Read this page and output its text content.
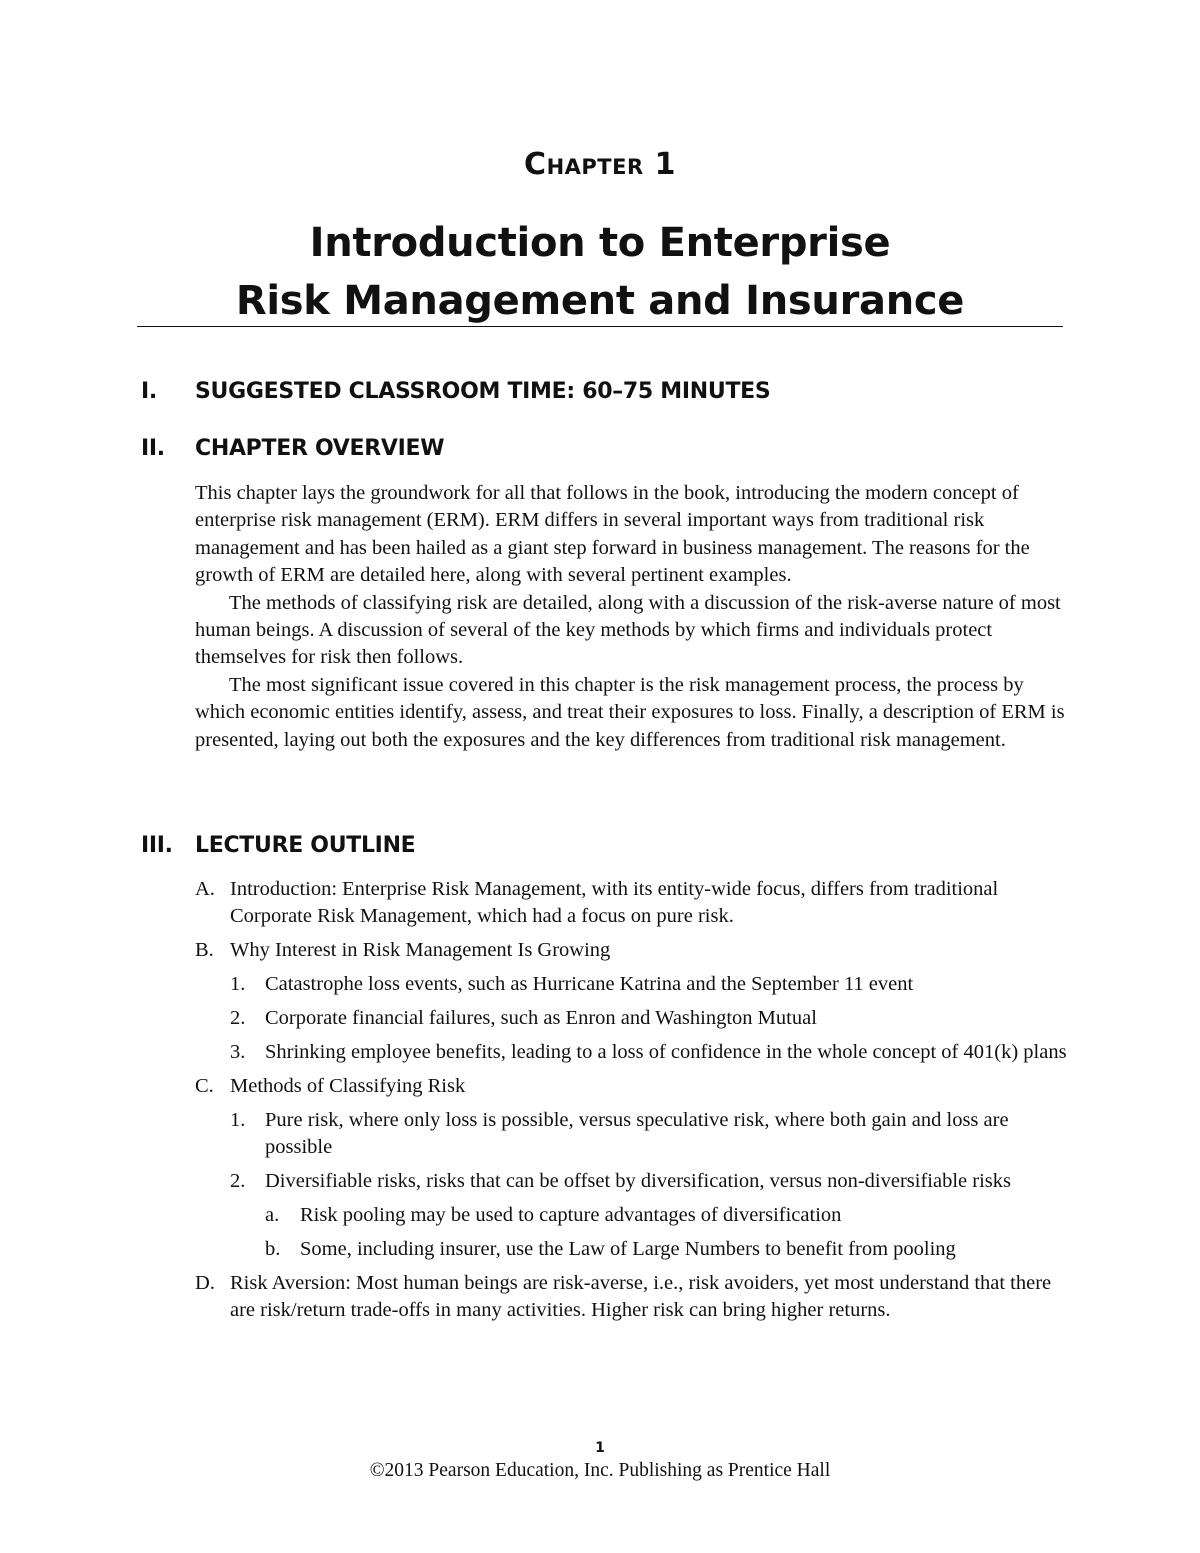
Chapter 1
Introduction to Enterprise
Risk Management and Insurance
I. SUGGESTED CLASSROOM TIME: 60–75 MINUTES
II. CHAPTER OVERVIEW

This chapter lays the groundwork for all that follows in the book, introducing the modern concept of enterprise risk management (ERM). ERM differs in several important ways from traditional risk management and has been hailed as a giant step forward in business management. The reasons for the growth of ERM are detailed here, along with several pertinent examples.

The methods of classifying risk are detailed, along with a discussion of the risk-averse nature of most human beings. A discussion of several of the key methods by which firms and individuals protect themselves for risk then follows.

The most significant issue covered in this chapter is the risk management process, the process by which economic entities identify, assess, and treat their exposures to loss. Finally, a description of ERM is presented, laying out both the exposures and the key differences from traditional risk management.

III. LECTURE OUTLINE
A. Introduction: Enterprise Risk Management, with its entity-wide focus, differs from traditional Corporate Risk Management, which had a focus on pure risk.
B. Why Interest in Risk Management Is Growing
1. Catastrophe loss events, such as Hurricane Katrina and the September 11 event
2. Corporate financial failures, such as Enron and Washington Mutual
3. Shrinking employee benefits, leading to a loss of confidence in the whole concept of 401(k) plans
C. Methods of Classifying Risk
1. Pure risk, where only loss is possible, versus speculative risk, where both gain and loss are possible
2. Diversifiable risks, risks that can be offset by diversification, versus non-diversifiable risks
a. Risk pooling may be used to capture advantages of diversification
b. Some, including insurer, use the Law of Large Numbers to benefit from pooling
D. Risk Aversion: Most human beings are risk-averse, i.e., risk avoiders, yet most understand that there are risk/return trade-offs in many activities. Higher risk can bring higher returns.
1
©2013 Pearson Education, Inc. Publishing as Prentice Hall
